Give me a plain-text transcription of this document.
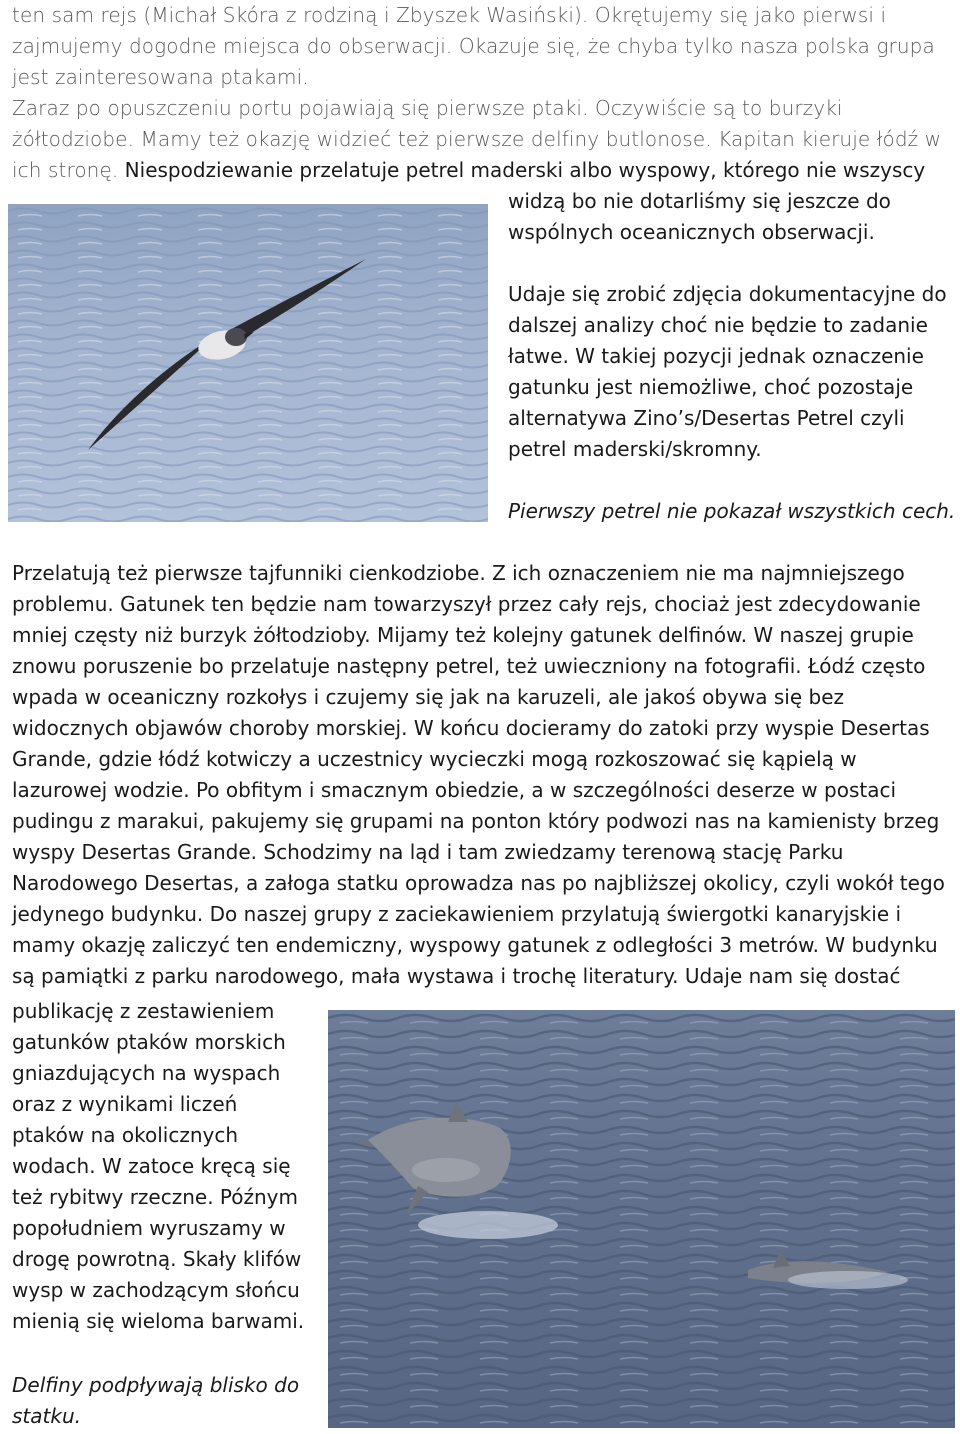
ten sam rejs (Michał Skóra z rodziną i Zbyszek Wasiński). Okrętujemy się jako pierwsi i
zajmujemy dogodne miejsca do obserwacji. Okazuje się, że chyba tylko nasza polska grupa
jest zainteresowana ptakami.
Zaraz po opuszczeniu portu pojawiają się pierwsze ptaki. Oczywiście są to burzyki
żółtodziobe. Mamy też okazję widzieć też pierwsze delfiny butlonose. Kapitan kieruje łódź w
ich stronę. Niespodziewanie przelatuje petrel maderski albo wyspowy, którego nie wszyscy

widzą bo nie dotarliśmy się jeszcze do

wspólnych oceanicznych obserwacji.

Udaje się zrobić zdjęcia dokumentacyjne do

dalszej analizy choć nie będzie to zadanie

łatwe. W takiej pozycji jednak oznaczenie

gatunku jest niemożliwe, choć pozostaje

alternatywa Zino’s/Desertas Petrel czyli

petrel maderski/skromny.

Pierwszy petrel nie pokazał wszystkich cech.

Przelatują też pierwsze tajfunniki cienkodziobe. Z ich oznaczeniem nie ma najmniejszego

problemu. Gatunek ten będzie nam towarzyszył przez cały rejs, chociaż jest zdecydowanie

mniej częsty niż burzyk żółtodzioby. Mijamy też kolejny gatunek delfinów. W naszej grupie

znowu poruszenie bo przelatuje następny petrel, też uwieczniony na fotografii. Łódź często

wpada w oceaniczny rozkołys i czujemy się jak na karuzeli, ale jakoś obywa się bez

widocznych objawów choroby morskiej. W końcu docieramy do zatoki przy wyspie Desertas

Grande, gdzie łódź kotwiczy a uczestnicy wycieczki mogą rozkoszować się kąpielą w

lazurowej wodzie. Po obfitym i smacznym obiedzie, a w szczególności deserze w postaci

pudingu z marakui, pakujemy się grupami na ponton który podwozi nas na kamienisty brzeg

wyspy Desertas Grande. Schodzimy na ląd i tam zwiedzamy terenową stację Parku

Narodowego Desertas, a załoga statku oprowadza nas po najbliższej okolicy, czyli wokół tego

jedynego budynku. Do naszej grupy z zaciekawieniem przylatują świergotki kanaryjskie i

mamy okazję zaliczyć ten endemiczny, wyspowy gatunek z odległości 3 metrów. W budynku

są pamiątki z parku narodowego, mała wystawa i trochę literatury. Udaje nam się dostać

publikację z zestawieniem

gatunków ptaków morskich

gniazdujących na wyspach

oraz z wynikami liczeń

ptaków na okolicznych

wodach. W zatoce kręcą się

też rybitwy rzeczne. Późnym

popołudniem wyruszamy w

drogę powrotną. Skały klifów

wysp w zachodzącym słońcu

mienią się wieloma barwami.

Delfiny podpływają blisko do

statku.
